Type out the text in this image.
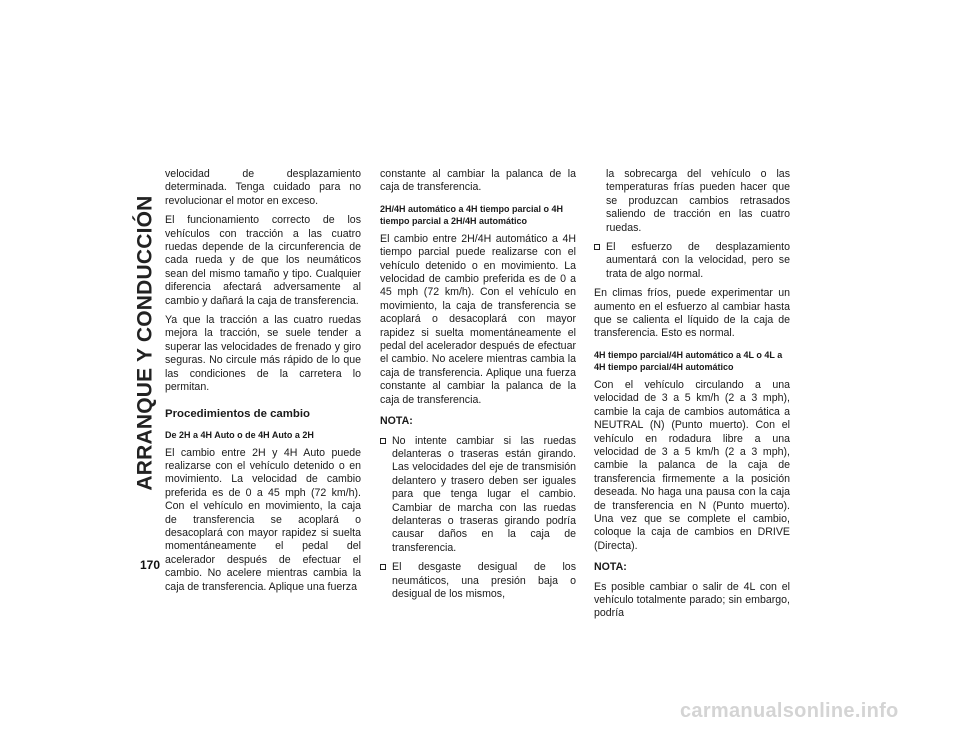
ARRANQUE Y CONDUCCIÓN
170

velocidad de desplazamiento determinada. Tenga cuidado para no revolucionar el motor en exceso.

El funcionamiento correcto de los vehículos con tracción a las cuatro ruedas depende de la circunferencia de cada rueda y de que los neumáticos sean del mismo tamaño y tipo. Cualquier diferencia afectará adversamente al cambio y dañará la caja de transferencia.

Ya que la tracción a las cuatro ruedas mejora la tracción, se suele tender a superar las velocidades de frenado y giro seguras. No circule más rápido de lo que las condiciones de la carretera lo permitan.

Procedimientos de cambio
De 2H a 4H Auto o de 4H Auto a 2H

El cambio entre 2H y 4H Auto puede realizarse con el vehículo detenido o en movimiento. La velocidad de cambio preferida es de 0 a 45 mph (72 km/h). Con el vehículo en movimiento, la caja de transferencia se acoplará o desacoplará con mayor rapidez si suelta momentáneamente el pedal del acelerador después de efectuar el cambio. No acelere mientras cambia la caja de transferencia. Aplique una fuerza

constante al cambiar la palanca de la caja de transferencia.

2H/4H automático a 4H tiempo parcial o 4H tiempo parcial a 2H/4H automático

El cambio entre 2H/4H automático a 4H tiempo parcial puede realizarse con el vehículo detenido o en movimiento. La velocidad de cambio preferida es de 0 a 45 mph (72 km/h). Con el vehículo en movimiento, la caja de transferencia se acoplará o desacoplará con mayor rapidez si suelta momentáneamente el pedal del acelerador después de efectuar el cambio. No acelere mientras cambia la caja de transferencia. Aplique una fuerza constante al cambiar la palanca de la caja de transferencia.

NOTA:
No intente cambiar si las ruedas delanteras o traseras están girando. Las velocidades del eje de transmisión delantero y trasero deben ser iguales para que tenga lugar el cambio. Cambiar de marcha con las ruedas delanteras o traseras girando podría causar daños en la caja de transferencia.
El desgaste desigual de los neumáticos, una presión baja o desigual de los mismos,
la sobrecarga del vehículo o las temperaturas frías pueden hacer que se produzcan cambios retrasados saliendo de tracción en las cuatro ruedas.
El esfuerzo de desplazamiento aumentará con la velocidad, pero se trata de algo normal.

En climas fríos, puede experimentar un aumento en el esfuerzo al cambiar hasta que se calienta el líquido de la caja de transferencia. Esto es normal.

4H tiempo parcial/4H automático a 4L o 4L a 4H tiempo parcial/4H automático

Con el vehículo circulando a una velocidad de 3 a 5 km/h (2 a 3 mph), cambie la caja de cambios automática a NEUTRAL (N) (Punto muerto). Con el vehículo en rodadura libre a una velocidad de 3 a 5 km/h (2 a 3 mph), cambie la palanca de la caja de transferencia firmemente a la posición deseada. No haga una pausa con la caja de transferencia en N (Punto muerto). Una vez que se complete el cambio, coloque la caja de cambios en DRIVE (Directa).

NOTA:

Es posible cambiar o salir de 4L con el vehículo totalmente parado; sin embargo, podría

carmanualsonline.info
